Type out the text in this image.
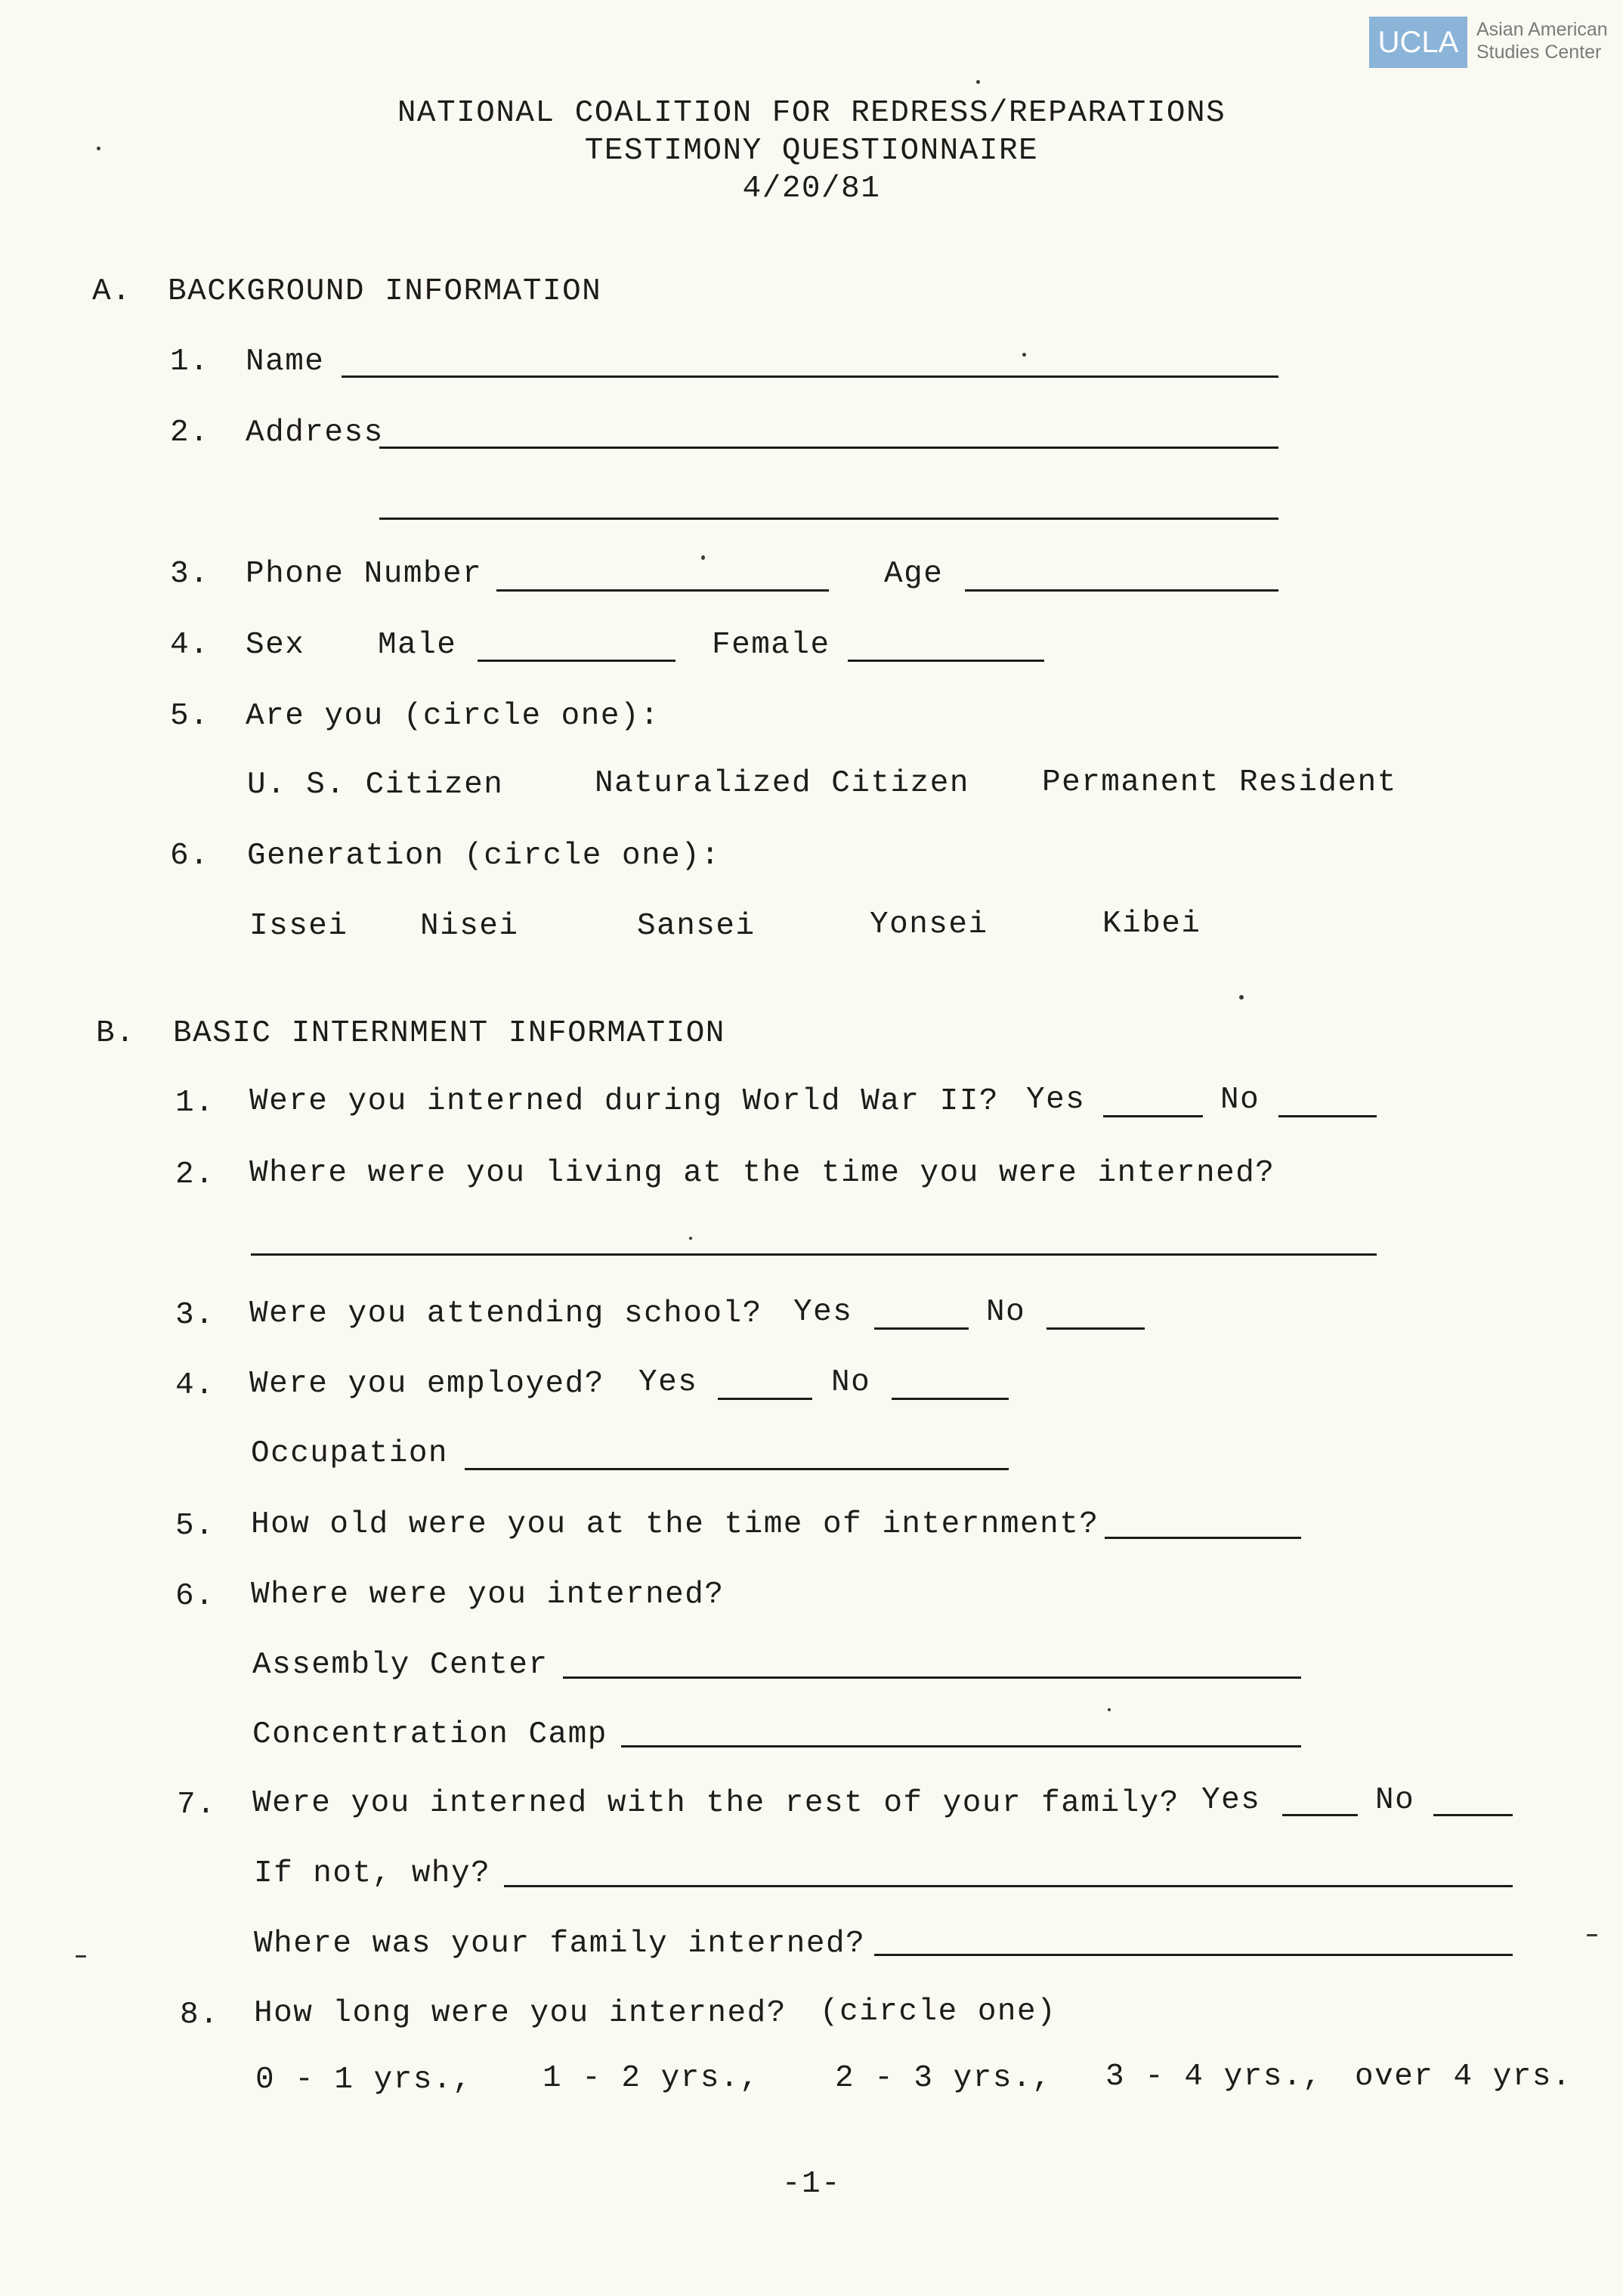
UCLA Asian American
Studies Center
NATIONAL COALITION FOR REDRESS/REPARATIONS
TESTIMONY QUESTIONNAIRE
4/20/81
A. BACKGROUND INFORMATION
1. Name
2. Address
3. Phone Number	Age
4. Sex Male	Female
5. Are you (circle one):
U. S. Citizen	Naturalized Citizen Permanent Resident
6. Generation (circle one):
Issei Nisei	Sansei	Yonsei	Kibei
B. BASIC INTERNMENT INFORMATION
1. Were you interned during World War II? Yes	No
2. Where were you living at the time you were interned?
3. Were you attending school? Yes	No
4. Were you employed? Yes	No
Occupation
5. How old were you at the time of internment?
6. Where were you interned?
Assembly Center
Concentration Camp
7. Were you interned with the rest of your family? Yes	No
If not, why?
Where was your family interned?
8. How long were you interned? (circle one)
0 - 1 yrs., 1 - 2 yrs., 2 - 3 yrs., 3 - 4 yrs., over 4 yrs.
-1-
